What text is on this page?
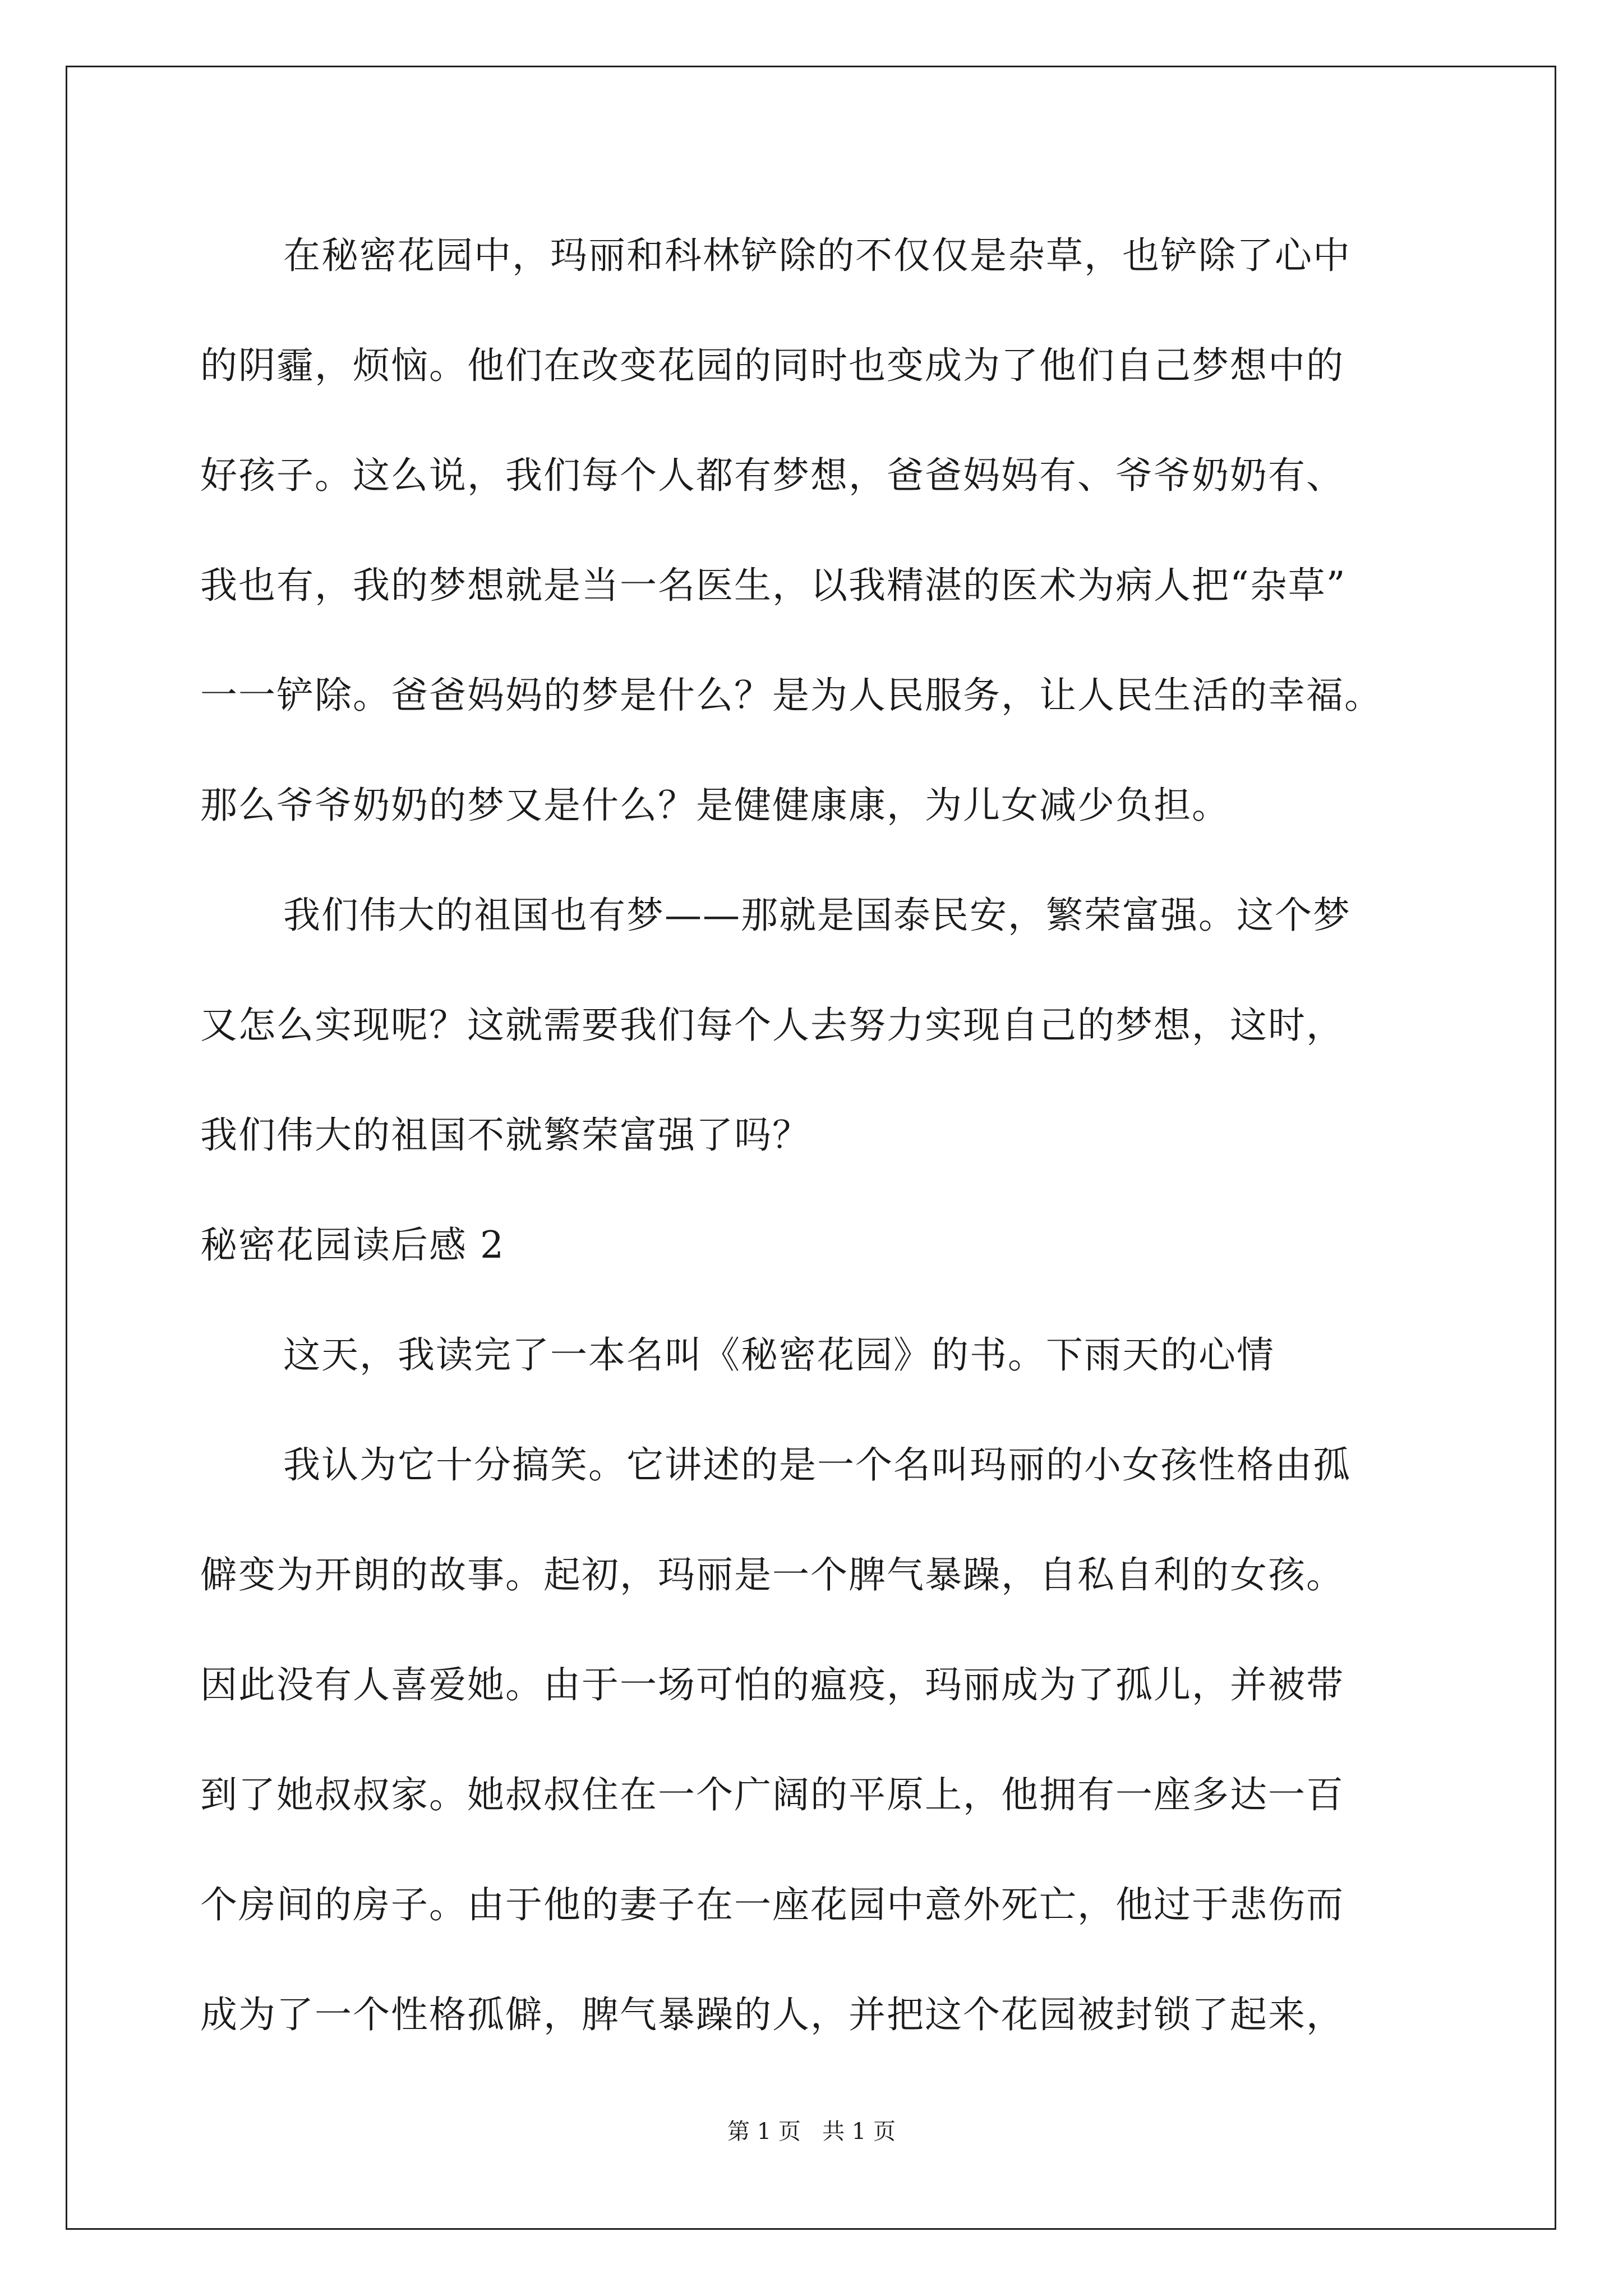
在秘密花园中，玛丽和科林铲除的不仅仅是杂草，也铲除了心中
的阴霾，烦恼。他们在改变花园的同时也变成为了他们自己梦想中的
好孩子。这么说，我们每个人都有梦想，爸爸妈妈有、爷爷奶奶有、
我也有，我的梦想就是当一名医生，以我精湛的医术为病人把“杂草”
一一铲除。爸爸妈妈的梦是什么？是为人民服务，让人民生活的幸福。
那么爷爷奶奶的梦又是什么？是健健康康，为儿女减少负担。
我们伟大的祖国也有梦——那就是国泰民安，繁荣富强。这个梦
又怎么实现呢？这就需要我们每个人去努力实现自己的梦想，这时，
我们伟大的祖国不就繁荣富强了吗？
秘密花园读后感 2
这天，我读完了一本名叫《秘密花园》的书。下雨天的心情
我认为它十分搞笑。它讲述的是一个名叫玛丽的小女孩性格由孤
僻变为开朗的故事。起初，玛丽是一个脾气暴躁，自私自利的女孩。
因此没有人喜爱她。由于一场可怕的瘟疫，玛丽成为了孤儿，并被带
到了她叔叔家。她叔叔住在一个广阔的平原上，他拥有一座多达一百
个房间的房子。由于他的妻子在一座花园中意外死亡，他过于悲伤而
成为了一个性格孤僻，脾气暴躁的人，并把这个花园被封锁了起来，
第 1 页   共 1 页
